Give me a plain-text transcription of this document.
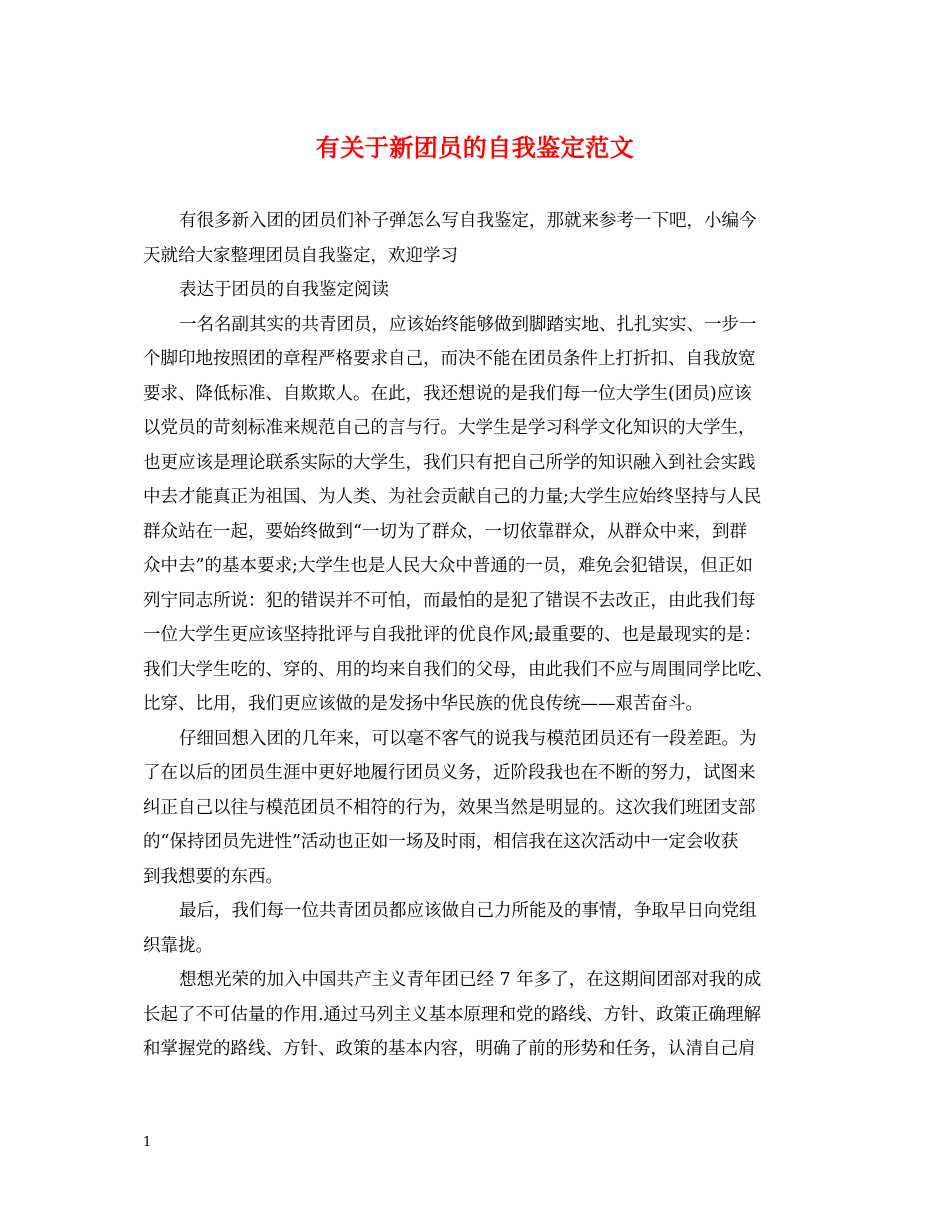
有关于新团员的自我鉴定范文
有很多新入团的团员们补子弹怎么写自我鉴定，那就来参考一下吧，小编今
天就给大家整理团员自我鉴定，欢迎学习
表达于团员的自我鉴定阅读
一名名副其实的共青团员，应该始终能够做到脚踏实地、扎扎实实、一步一
个脚印地按照团的章程严格要求自己，而决不能在团员条件上打折扣、自我放宽
要求、降低标准、自欺欺人。在此，我还想说的是我们每一位大学生(团员)应该
以党员的苛刻标准来规范自己的言与行。大学生是学习科学文化知识的大学生，
也更应该是理论联系实际的大学生，我们只有把自己所学的知识融入到社会实践
中去才能真正为祖国、为人类、为社会贡献自己的力量;大学生应始终坚持与人民
群众站在一起，要始终做到“一切为了群众，一切依靠群众，从群众中来，到群
众中去”的基本要求;大学生也是人民大众中普通的一员，难免会犯错误，但正如
列宁同志所说：犯的错误并不可怕，而最怕的是犯了错误不去改正，由此我们每
一位大学生更应该坚持批评与自我批评的优良作风;最重要的、也是最现实的是：
我们大学生吃的、穿的、用的均来自我们的父母，由此我们不应与周围同学比吃、
比穿、比用，我们更应该做的是发扬中华民族的优良传统——艰苦奋斗。
仔细回想入团的几年来，可以毫不客气的说我与模范团员还有一段差距。为
了在以后的团员生涯中更好地履行团员义务，近阶段我也在不断的努力，试图来
纠正自己以往与模范团员不相符的行为，效果当然是明显的。这次我们班团支部
的“保持团员先进性”活动也正如一场及时雨，相信我在这次活动中一定会收获
到我想要的东西。
最后，我们每一位共青团员都应该做自己力所能及的事情，争取早日向党组
织靠拢。
想想光荣的加入中国共产主义青年团已经 7 年多了，在这期间团部对我的成
长起了不可估量的作用.通过马列主义基本原理和党的路线、方针、政策正确理解
和掌握党的路线、方针、政策的基本内容，明确了前的形势和任务，认清自己肩
1
